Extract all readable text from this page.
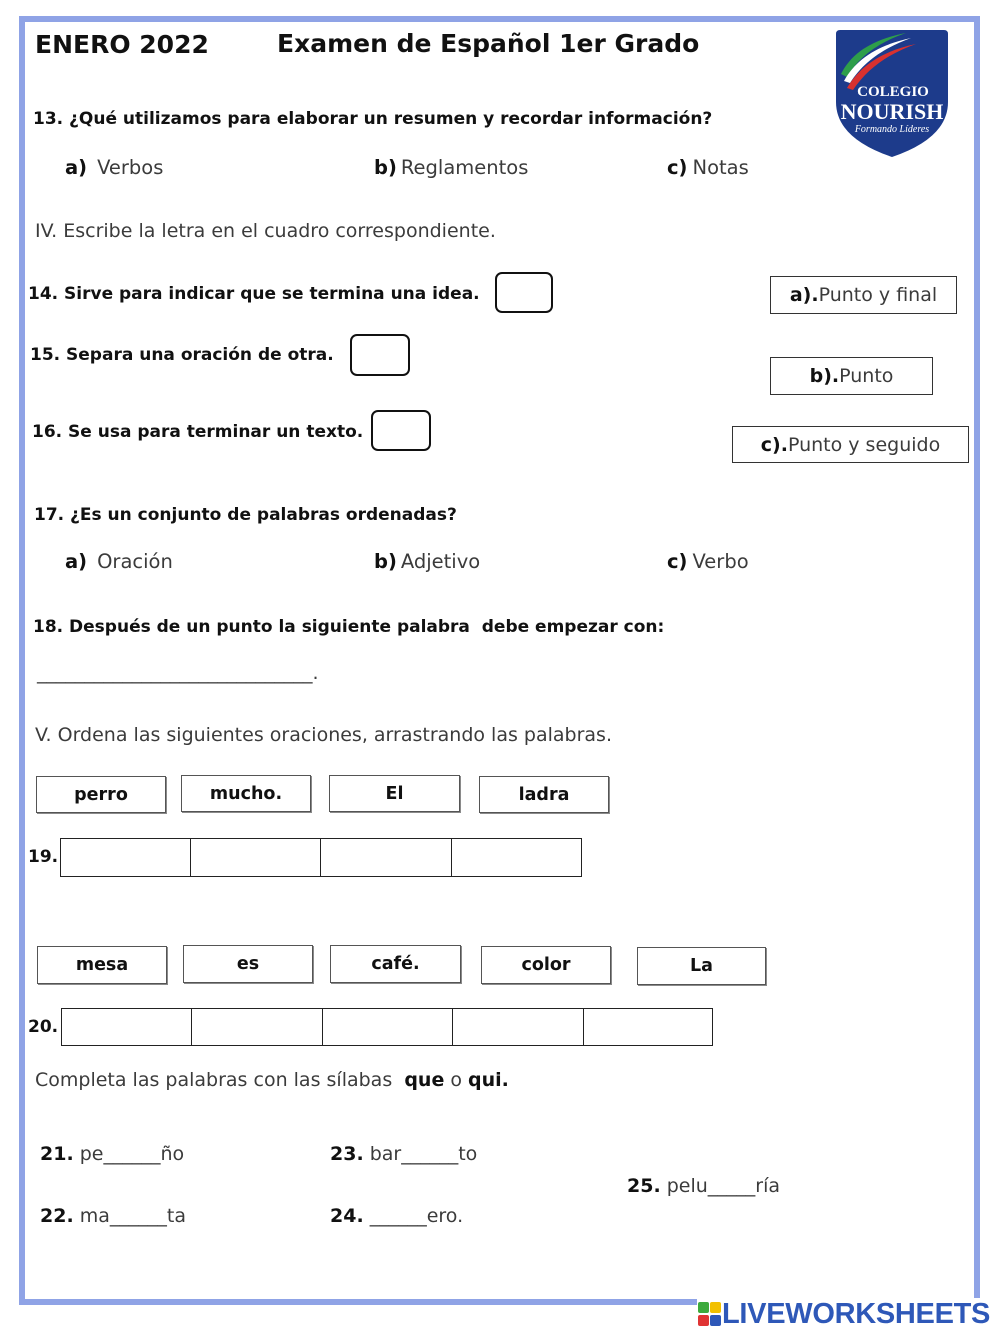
ENERO 2022	Examen de Español 1er Grado
COLEGIO
NOURISH
Formando Líderes
13. ¿Qué utilizamos para elaborar un resumen y recordar información?
a) Verbos	b) Reglamentos	c) Notas
IV. Escribe la letra en el cuadro correspondiente.
14. Sirve para indicar que se termina una idea.
15. Separa una oración de otra.
16. Se usa para terminar un texto.
a). Punto y final
b). Punto
c). Punto y seguido
17. ¿Es un conjunto de palabras ordenadas?
a) Oración	b) Adjetivo	c) Verbo
18. Después de un punto la siguiente palabra  debe empezar con:
_____________________________.
V. Ordena las siguientes oraciones, arrastrando las palabras.
perro	mucho.	El	ladra
19.
mesa	es	café.	color	La
20.
Completa las palabras con las sílabas que o qui.
21. pe______ño
22. ma______ta
23. bar______to
24. ______ero.
25. pelu_____ría
LIVEWORKSHEETS
